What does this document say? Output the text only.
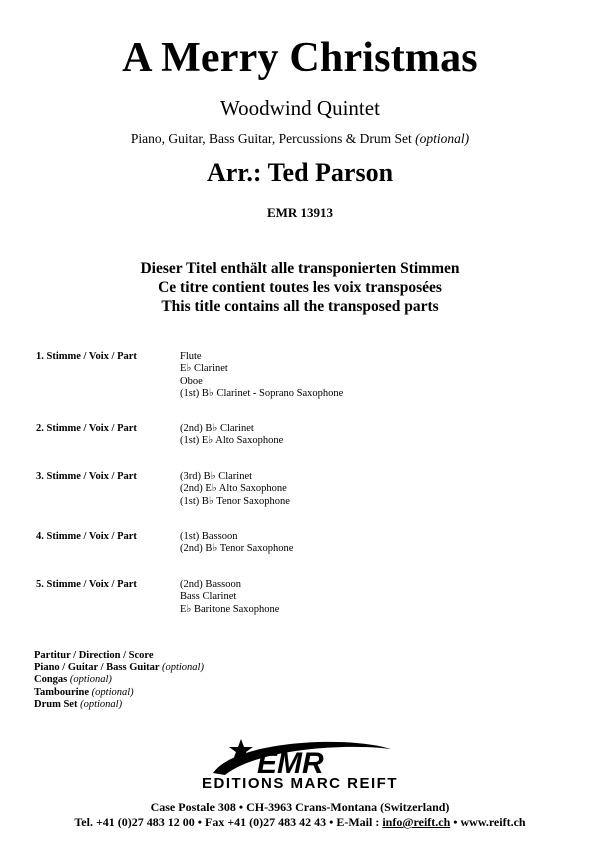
A Merry Christmas
Woodwind Quintet
Piano, Guitar, Bass Guitar, Percussions & Drum Set (optional)
Arr.: Ted Parson
EMR 13913
Dieser Titel enthält alle transponierten Stimmen
Ce titre contient toutes les voix transposées
This title contains all the transposed parts
1. Stimme / Voix / Part	Flute
E♭ Clarinet
Oboe
(1st) B♭ Clarinet - Soprano Saxophone
2. Stimme / Voix / Part	(2nd) B♭ Clarinet
(1st) E♭ Alto Saxophone
3. Stimme / Voix / Part	(3rd) B♭ Clarinet
(2nd) E♭ Alto Saxophone
(1st) B♭ Tenor Saxophone
4. Stimme / Voix / Part	(1st) Bassoon
(2nd) B♭ Tenor Saxophone
5. Stimme / Voix / Part	(2nd) Bassoon
Bass Clarinet
E♭ Baritone Saxophone
Partitur / Direction / Score
Piano / Guitar / Bass Guitar (optional)
Congas (optional)
Tambourine (optional)
Drum Set (optional)
EMR
EDITIONS MARC REIFT
Case Postale 308 • CH-3963 Crans-Montana (Switzerland)
Tel. +41 (0)27 483 12 00 • Fax +41 (0)27 483 42 43 • E-Mail : info@reift.ch • www.reift.ch
